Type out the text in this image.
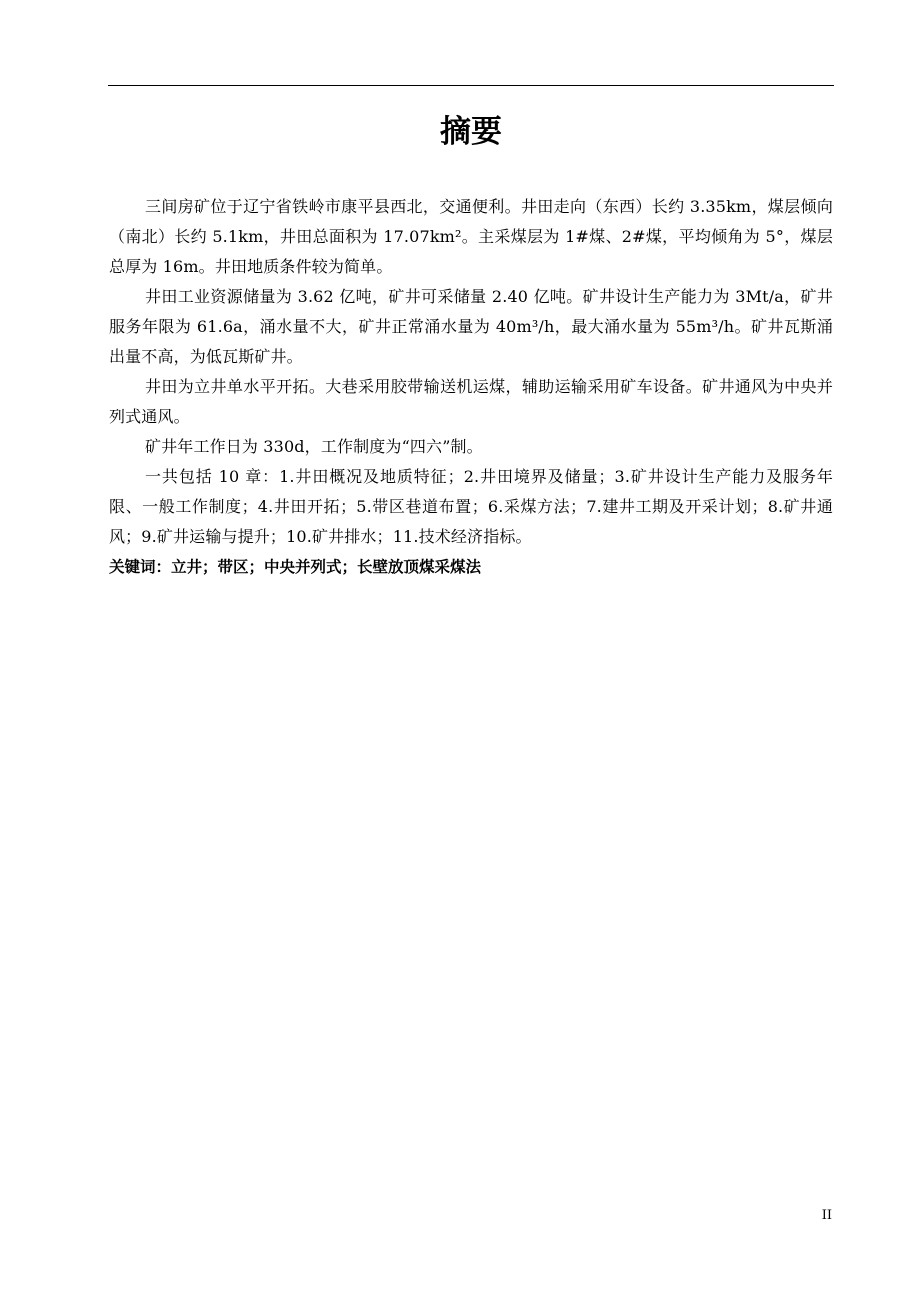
摘要

三间房矿位于辽宁省铁岭市康平县西北，交通便利。井田走向（东西）长约 3.35km，煤层倾向（南北）长约 5.1km，井田总面积为 17.07km²。主采煤层为 1#煤、2#煤，平均倾角为 5°，煤层总厚为 16m。井田地质条件较为简单。

井田工业资源储量为 3.62 亿吨，矿井可采储量 2.40 亿吨。矿井设计生产能力为 3Mt/a，矿井服务年限为 61.6a，涌水量不大，矿井正常涌水量为 40m³/h，最大涌水量为 55m³/h。矿井瓦斯涌出量不高，为低瓦斯矿井。

井田为立井单水平开拓。大巷采用胶带输送机运煤，辅助运输采用矿车设备。矿井通风为中央并列式通风。

矿井年工作日为 330d，工作制度为“四六”制。

一共包括 10 章：1.井田概况及地质特征；2.井田境界及储量；3.矿井设计生产能力及服务年限、一般工作制度；4.井田开拓；5.带区巷道布置；6.采煤方法；7.建井工期及开采计划；8.矿井通风；9.矿井运输与提升；10.矿井排水；11.技术经济指标。

关键词：立井；带区；中央并列式；长壁放顶煤采煤法

II
